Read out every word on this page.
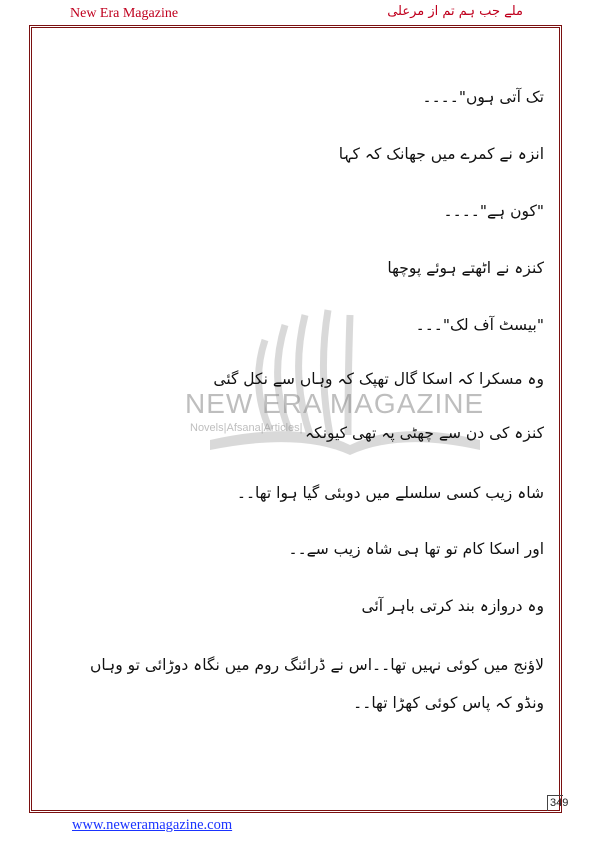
New Era Magazine	ملے جب ہم تم از مرعلی
NEW ERA MAGAZINE
Novels|Afsana|Articles|
تک آتی ہوں"۔۔۔۔
انزہ نے کمرے میں جھانک کہ کہا
"کون ہے"۔۔۔۔
کنزہ نے اٹھتے ہوئے پوچھا
"بیسٹ آف لک"۔۔۔
وہ مسکرا کہ اسکا گال تھپک کہ وہاں سے نکل گئی
کنزہ کی دن سے چھٹی پہ تھی کیونکہ
شاہ زیب کسی سلسلے میں دوبئی گیا ہوا تھا۔۔
اور اسکا کام تو تھا ہی شاہ زیب سے۔۔
وہ دروازہ بند کرتی باہر آئی
لاؤنج میں کوئی نہیں تھا۔۔اس نے ڈرائنگ روم میں نگاہ دوڑائی تو وہاں ونڈو کہ پاس کوئی کھڑا تھا۔۔
349
www.neweramagazine.com
